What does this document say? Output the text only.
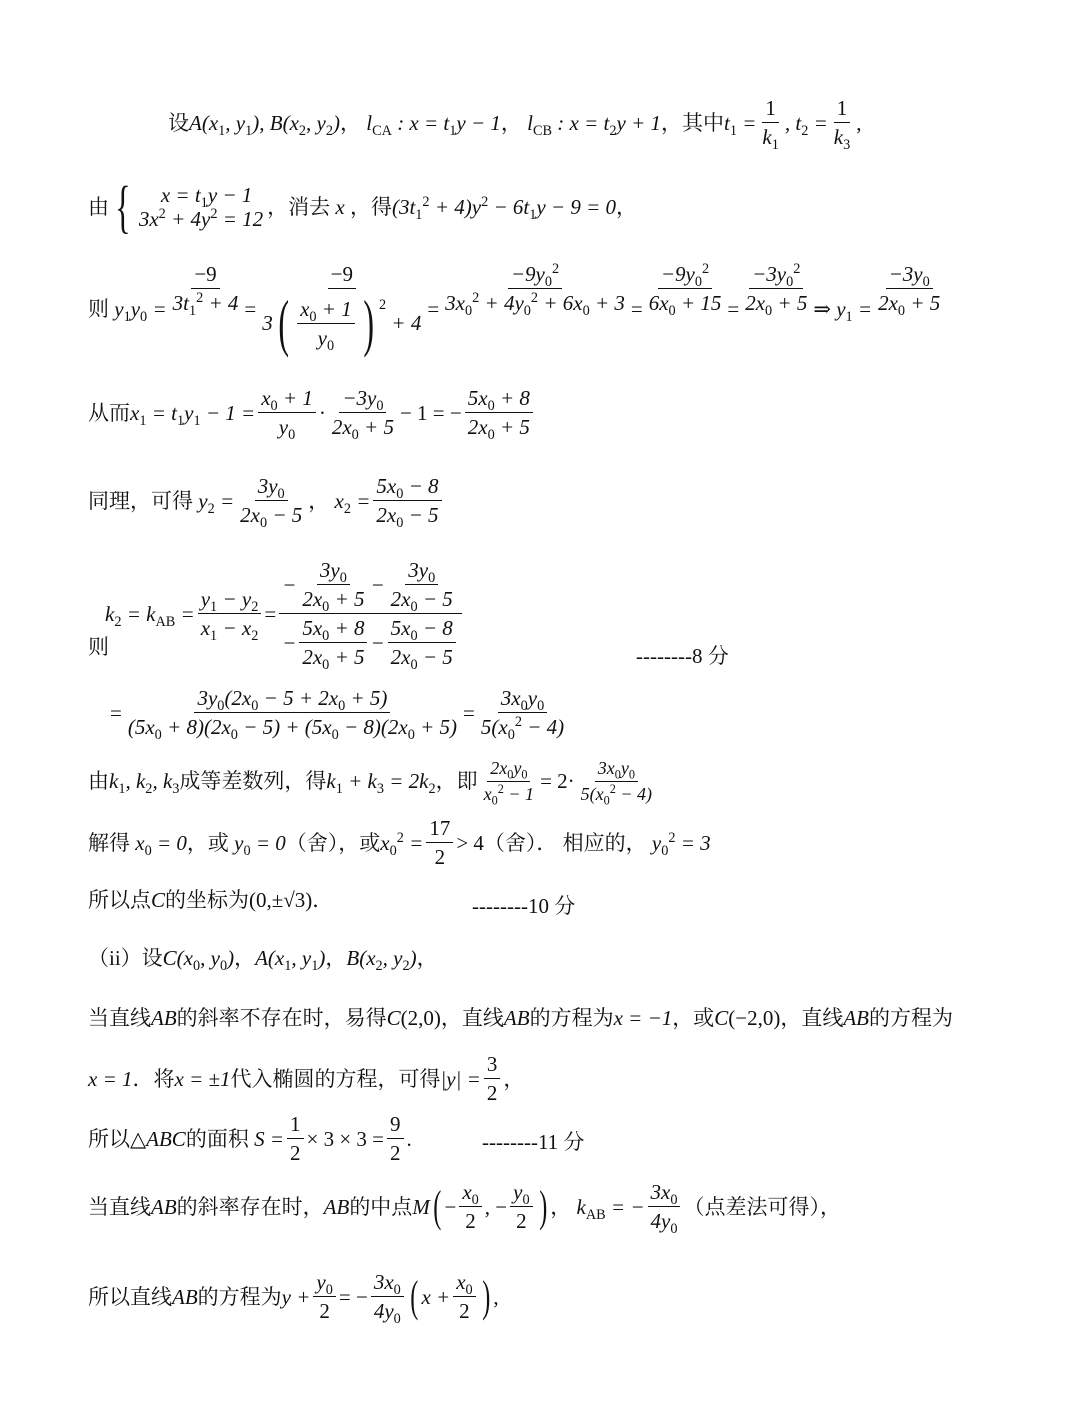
设 $A(x_1$, $y_1$), $B(x_2$, $y_2$) ， $l_{CA}$ : $x = t_1y - 1$ ， $l_{CB}$ : $x = t_2y + 1$ ，其中 $t_1 = \frac{1}{k_1}$ , $t_2 = \frac{1}{k_3}$ ,
由 {	$x = t_1y - 1$
$3x^2 + 4y^2 = 12$
，消去 x ，得 $(3t_1^2 + 4)y^2 - 6t_1y - 9 = 0$ ，
则 $y_1y_0 = \frac{-9}{3t_1^2 + 4} = -9$
3 ( $\frac{x_0 + 1}{y_0}$ ) $^2$
+ $4 = \frac{-9y_0^2}{3x_0^2 + 4y_0^2 + 6x_0 + 3} = \frac{-9y_0^2}{6x_0 + 15} = \frac{-3y_0^2}{2x_0 + 5}$ ⇒ $y_1 = \frac{-3y_0}{2x_0 + 5}$
从而 $x_1 = t_1y_1 - 1 = \frac{x_0 + 1}{y_0} \cdot \frac{-3y_0}{2x_0 + 5} - 1$ = − $\frac{5x_0 + 8}{2x_0 + 5}$
同理，可得 $y_2 = \frac{3y_0}{2x_0 - 5}$ ， $x_2 = \frac{5x_0 - 8}{2x_0 - 5}$
则
$k_2 = k_{AB} = \frac{y_1 - y_2}{x_1 - x_2} = \frac{- \frac{3y_0}{2x_0 + 5} - \frac{3y_0}{2x_0 - 5}}{- \frac{5x_0 + 8}{2x_0 + 5} - \frac{5x_0 - 8}{2x_0 - 5}}$	--------8 分
= $\frac{3y_0(2x_0 - 5 + 2x_0 + 5)}{(5x_0 + 8)(2x_0 - 5) + (5x_0 - 8)(2x_0 + 5)} = \frac{3x_0y_0}{5(x_0^2 - 4)}$
由 $k_1$, $k_2$, $k_3$ 成等差数列，得 $k_1 + k_3 = 2k_2$ ，即 $\frac{2x_0y_0}{x_0^2 - 1} = 2\cdot \frac{3x_0y_0}{5(x_0^2 - 4)}$
解得 $x_0 = 0$ ，或 $y_0 = 0$ （舍），或 $x_0^2 = \frac{17}{2} > 4$ （舍）． 相应的， $y_0^2 = 3$
所以点 C 的坐标为 (0,±√3)．	--------10 分
（ii）设 $C(x_0$, $y_0$) ， $A(x_1$, $y_1$) ， $B(x_2$, $y_2$) ，
当直线 AB 的斜率不存在时，易得 C (2,0) ，直线 AB 的方程为 x = −1 ，或 C (−2,0) ，直线 AB 的方程为
x = 1 ．将 x = ±1 代入椭圆的方程，可得 $|y| = \frac{3}{2}$ ，
所以△ ABC 的面积 $S = \frac{1}{2} \times 3 \times 3 = \frac{9}{2}$ .	--------11 分
当直线 AB 的斜率存在时， AB 的中点 M ( − $\frac{x_0}{2}$ , − $\frac{y_0}{2}$ ) ， $k_{AB}$ = − $\frac{3x_0}{4y_0}$ （点差法可得），
所以直线 AB 的方程为 $y + \frac{y_0}{2}$ = − $\frac{3x_0}{4y_0}$ ( $x + \frac{x_0}{2}$ ) ,
